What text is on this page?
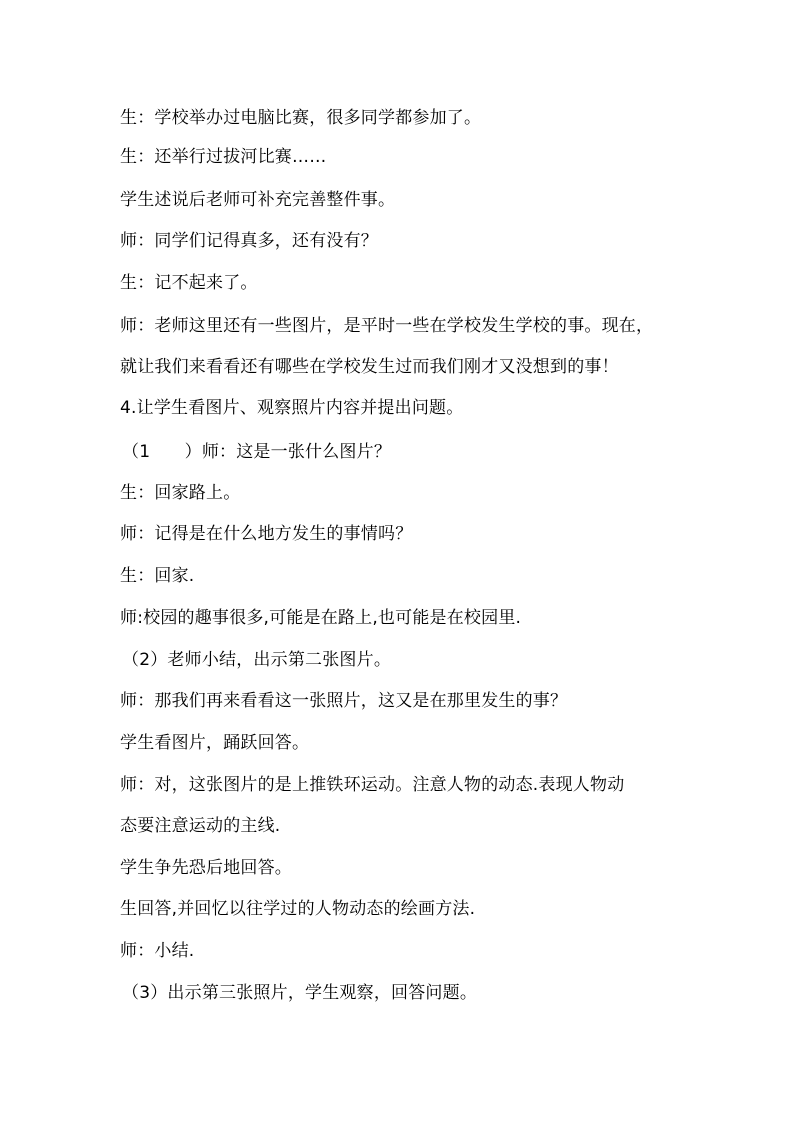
生：学校举办过电脑比赛，很多同学都参加了。
生：还举行过拔河比赛……
学生述说后老师可补充完善整件事。
师：同学们记得真多，还有没有？
生：记不起来了。
师：老师这里还有一些图片，是平时一些在学校发生学校的事。现在，
就让我们来看看还有哪些在学校发生过而我们刚才又没想到的事！
4.让学生看图片、观察照片内容并提出问题。
（1　　）师：这是一张什么图片？
生：回家路上。
师：记得是在什么地方发生的事情吗？
生：回家.
师:校园的趣事很多,可能是在路上,也可能是在校园里.
（2）老师小结，出示第二张图片。
师：那我们再来看看这一张照片，这又是在那里发生的事？
学生看图片，踊跃回答。
师：对，这张图片的是上推铁环运动。注意人物的动态.表现人物动
态要注意运动的主线.
学生争先恐后地回答。
生回答,并回忆以往学过的人物动态的绘画方法.
师：小结.
（3）出示第三张照片，学生观察，回答问题。
